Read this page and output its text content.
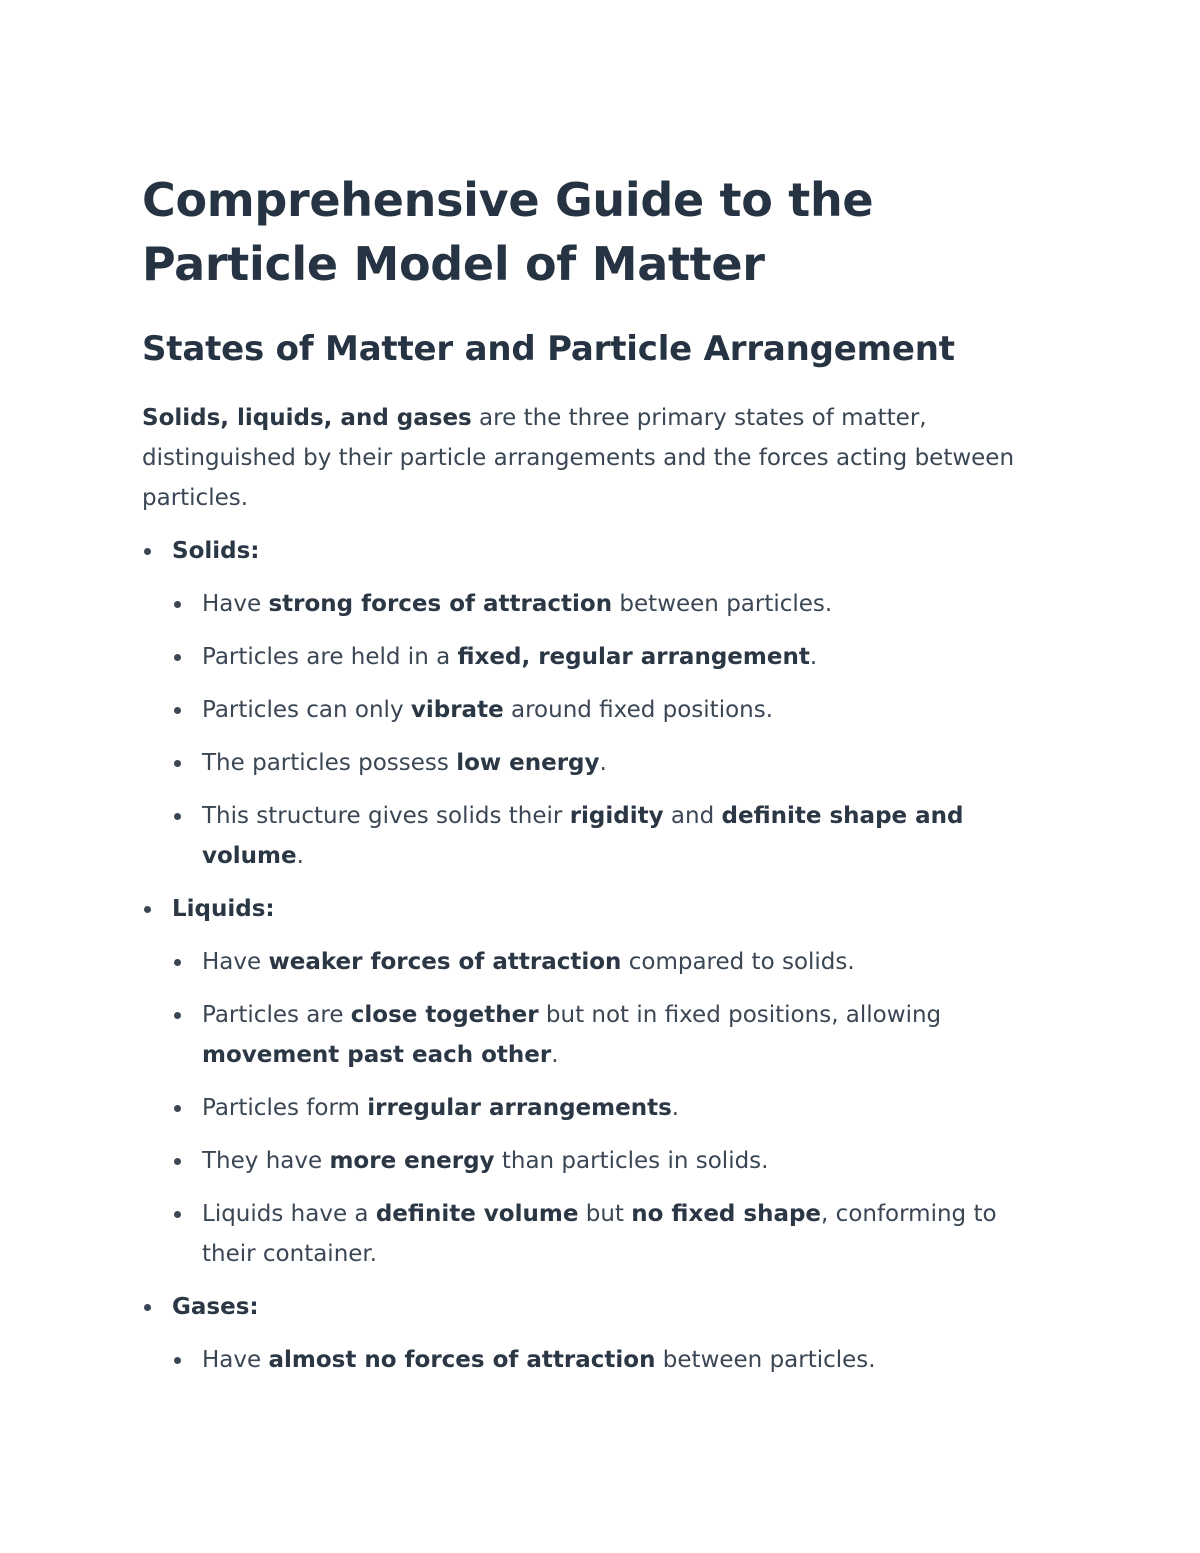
Comprehensive Guide to the Particle Model of Matter
States of Matter and Particle Arrangement

Solids, liquids, and gases are the three primary states of matter, distinguished by their particle arrangements and the forces acting between particles.

Solids:
Have strong forces of attraction between particles.
Particles are held in a fixed, regular arrangement.
Particles can only vibrate around fixed positions.
The particles possess low energy.
This structure gives solids their rigidity and definite shape and volume.
Liquids:
Have weaker forces of attraction compared to solids.
Particles are close together but not in fixed positions, allowing movement past each other.
Particles form irregular arrangements.
They have more energy than particles in solids.
Liquids have a definite volume but no fixed shape, conforming to their container.
Gases:
Have almost no forces of attraction between particles.
